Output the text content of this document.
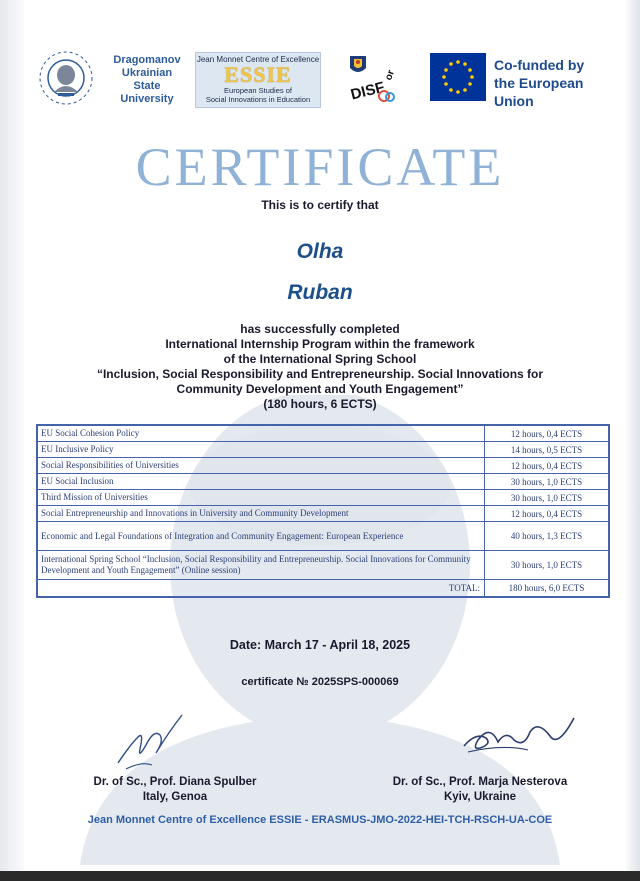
Dragomanov
Ukrainian
State
University
Jean Monnet Centre of Excellence
ESSIE
European Studies of
Social Innovations in Education	DISF
or
Co-funded by
the European Union
CERTIFICATE
This is to certify that
Olha
Ruban
has successfully completed
International Internship Program within the framework
of the International Spring School
“Inclusion, Social Responsibility and Entrepreneurship. Social Innovations for
Community Development and Youth Engagement”
(180 hours, 6 ECTS)
EU Social Cohesion Policy	12 hours, 0,4 ECTS
EU Inclusive Policy	14 hours, 0,5 ECTS
Social Responsibilities of Universities	12 hours, 0,4 ECTS
EU Social Inclusion	30 hours, 1,0 ECTS
Third Mission of Universities	30 hours, 1,0 ECTS
Social Entrepreneurship and Innovations in University and Community Development	12 hours, 0,4 ECTS
Economic and Legal Foundations of Integration and Community Engagement: European Experience	40 hours, 1,3 ECTS
International Spring School “Inclusion, Social Responsibility and Entrepreneurship. Social Innovations for Community Development and Youth Engagement” (Online session)	30 hours, 1,0 ECTS
TOTAL:	180 hours, 6,0 ECTS
Date: March 17 - April 18, 2025
certificate № 2025SPS-000069
Dr. of Sc., Prof. Diana Spulber
Italy, Genoa
Dr. of Sc., Prof. Marja Nesterova
Kyiv, Ukraine
Jean Monnet Centre of Excellence ESSIE - ERASMUS-JMO-2022-HEI-TCH-RSCH-UA-COE
